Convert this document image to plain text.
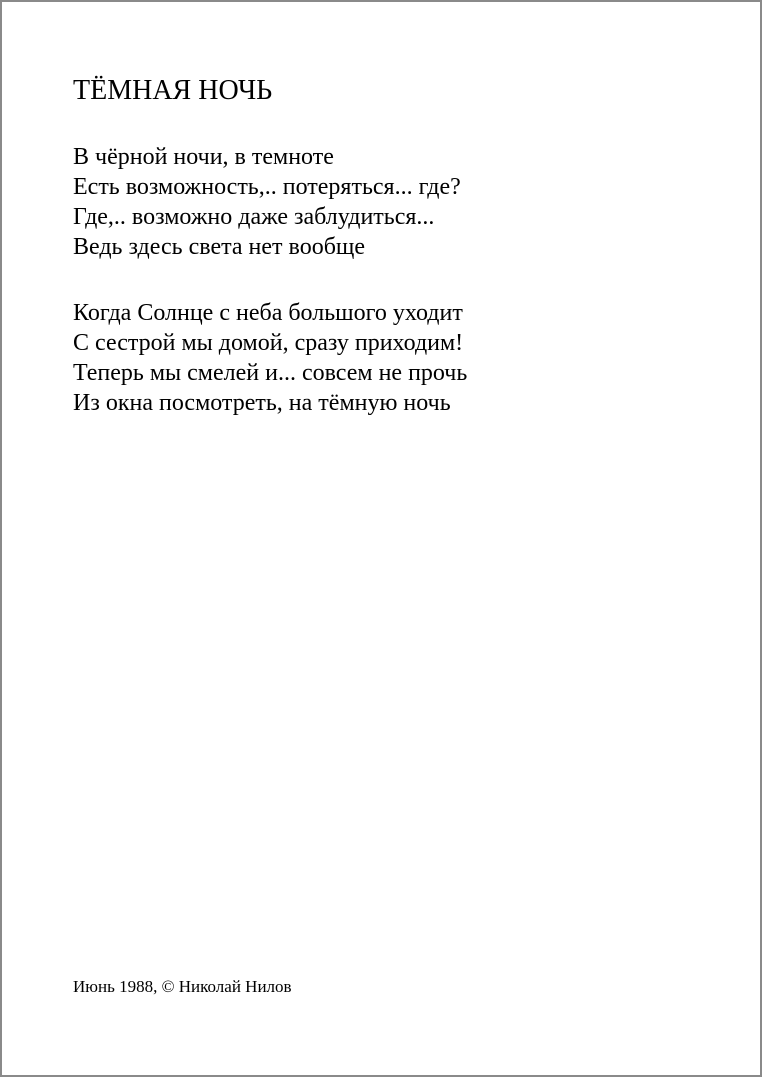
ТЁМНАЯ НОЧЬ
В чёрной ночи, в темноте
Есть возможность,.. потеряться... где?
Где,.. возможно даже заблудиться...
Ведь здесь света нет вообще
Когда Солнце с неба большого уходит
С сестрой мы домой, сразу приходим!
Теперь мы смелей и... совсем не прочь
Из окна посмотреть, на тёмную ночь
Июнь 1988, © Николай Нилов
